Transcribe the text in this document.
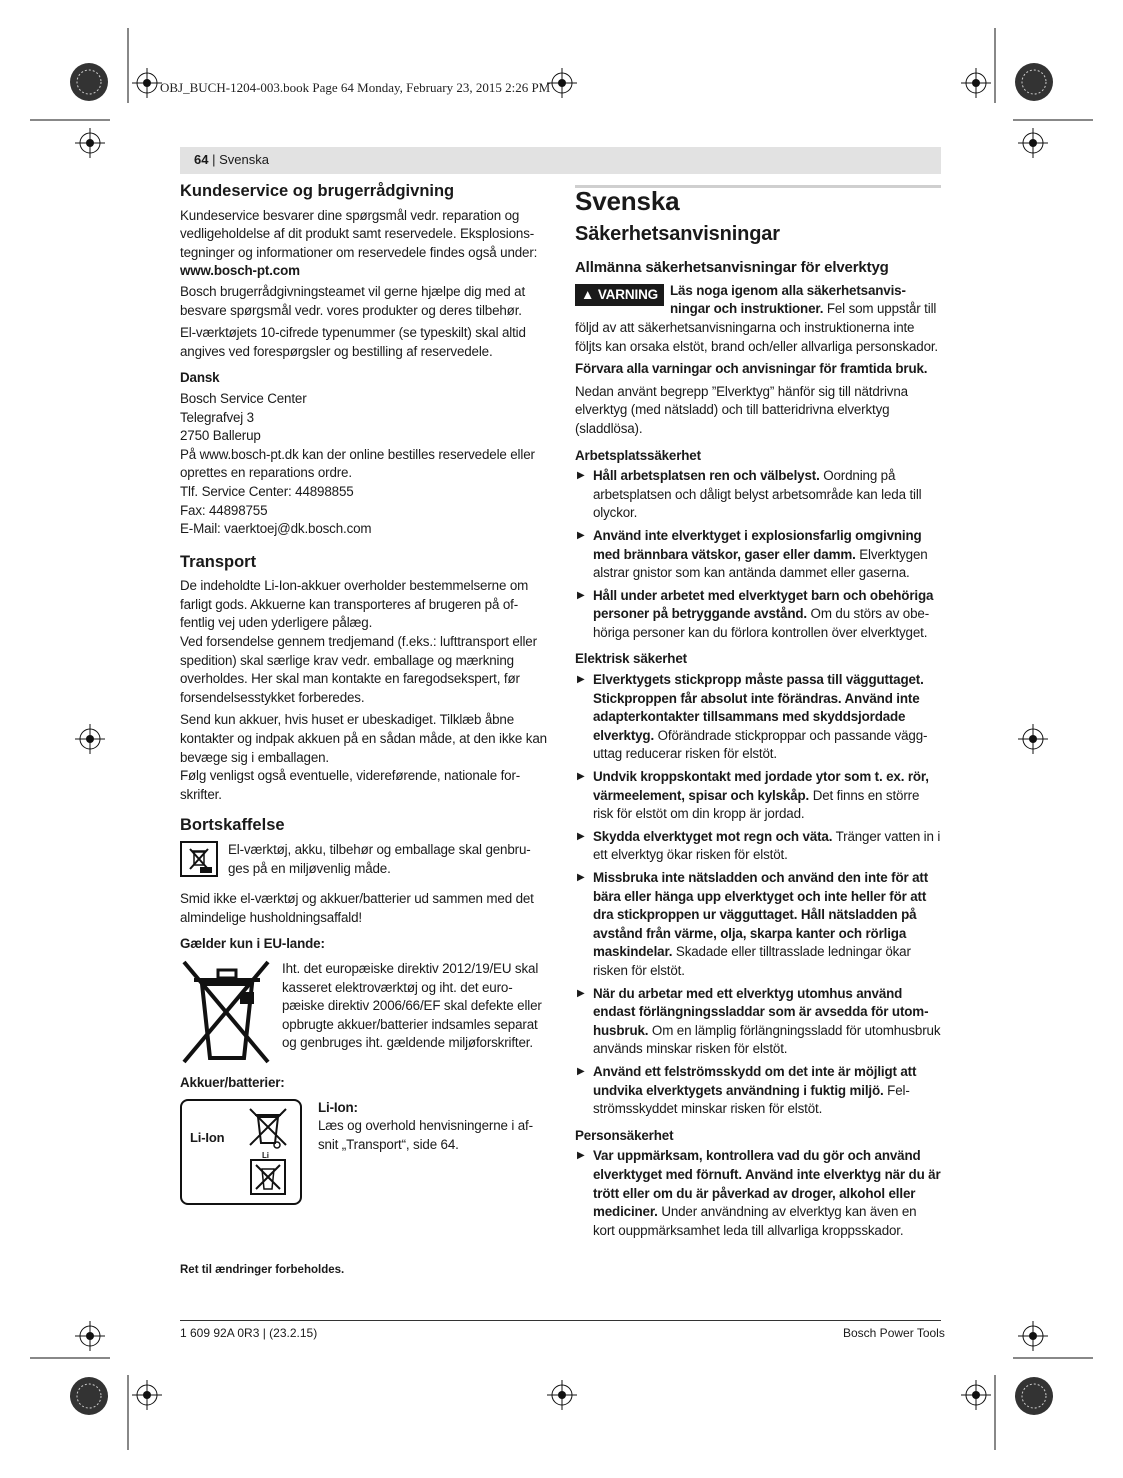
OBJ_BUCH-1204-003.book Page 64 Monday, February 23, 2015 2:26 PM
64 | Svenska
Kundeservice og brugerrådgivning

Kundeservice besvarer dine spørgsmål vedr. reparation og vedligeholdelse af dit produkt samt reservedele. Eksplosionstegninger og informationer om reservedele findes også under:

www.bosch-pt.com

Bosch brugerrådgivningsteamet vil gerne hjælpe dig med at besvare spørgsmål vedr. vores produkter og deres tilbehør.

El-værktøjets 10-cifrede typenummer (se typeskilt) skal altid angives ved forespørgsler og bestilling af reservedele.

Dansk

Bosch Service Center
Telegrafvej 3
2750 Ballerup
På www.bosch-pt.dk kan der online bestilles reservedele eller oprettes en reparations ordre.
Tlf. Service Center: 44898855
Fax: 44898755
E-Mail: vaerktoej@dk.bosch.com
Transport

De indeholdte Li-Ion-akkuer overholder bestemmelserne om farligt gods. Akkuerne kan transporteres af brugeren på offentlig vej uden yderligere pålæg.

Ved forsendelse gennem tredjemand (f.eks.: lufttransport eller spedition) skal særlige krav vedr. emballage og mærkning overholdes. Her skal man kontakte en faregodsekspert, før forsendelsesstykket forberedes.

Send kun akkuer, hvis huset er ubeskadiget. Tilklæb åbne kontakter og indpak akkuen på en sådan måde, at den ikke kan bevæge sig i emballagen.

Følg venligst også eventuelle, videreførende, nationale forskrifter.

Bortskaffelse

El-værktøj, akku, tilbehør og emballage skal genbruges på en miljøvenlig måde.

Smid ikke el-værktøj og akkuer/batterier ud sammen med det almindelige husholdningsaffald!

Gælder kun i EU-lande:

Iht. det europæiske direktiv 2012/19/EU skal kasseret elektroværktøj og iht. det europæiske direktiv 2006/66/EF skal defekte eller opbrugte akkuer/batterier indsamles separat og genbruges iht. gældende miljøforskrifter.

Akkuer/batterier:

Li-Ion
Li

Li-Ion:

Læs og overhold henvisningerne i afsnit „Transport“, side 64.

Ret til ændringer forbeholdes.
Svenska
Säkerhetsanvisningar
Allmänna säkerhetsanvisningar för elverktyg

▲ VARNING Läs noga igenom alla säkerhetsanvisningar och instruktioner. Fel som uppstår till följd av att säkerhetsanvisningarna och instruktionerna inte följts kan orsaka elstöt, brand och/eller allvarliga personskador.

Förvara alla varningar och anvisningar för framtida bruk.

Nedan använt begrepp ”Elverktyg” hänför sig till nätdrivna elverktyg (med nätsladd) och till batteridrivna elverktyg (sladdlösa).

Arbetsplatssäkerhet

▶ Håll arbetsplatsen ren och välbelyst. Oordning på arbetsplatsen och dåligt belyst arbetsområde kan leda till olyckor.

▶ Använd inte elverktyget i explosionsfarlig omgivning med brännbara vätskor, gaser eller damm. Elverktygen alstrar gnistor som kan antända dammet eller gaserna.

▶ Håll under arbetet med elverktyget barn och obehöriga personer på betryggande avstånd. Om du störs av obehöriga personer kan du förlora kontrollen över elverktyget.

Elektrisk säkerhet

▶ Elverktygets stickpropp måste passa till vägguttaget. Stickproppen får absolut inte förändras. Använd inte adapterkontakter tillsammans med skyddsjordade elverktyg. Oförändrade stickproppar och passande vägguttag reducerar risken för elstöt.

▶ Undvik kroppskontakt med jordade ytor som t. ex. rör, värmeelement, spisar och kylskåp. Det finns en större risk för elstöt om din kropp är jordad.

▶ Skydda elverktyget mot regn och väta. Tränger vatten in i ett elverktyg ökar risken för elstöt.

▶ Missbruka inte nätsladden och använd den inte för att bära eller hänga upp elverktyget och inte heller för att dra stickproppen ur vägguttaget. Håll nätsladden på avstånd från värme, olja, skarpa kanter och rörliga maskindelar. Skadade eller tilltrasslade ledningar ökar risken för elstöt.

▶ När du arbetar med ett elverktyg utomhus använd endast förlängningssladdar som är avsedda för utomhusbruk. Om en lämplig förlängningssladd för utomhusbruk används minskar risken för elstöt.

▶ Använd ett felströmsskydd om det inte är möjligt att undvika elverktygets användning i fuktig miljö. Felströmsskyddet minskar risken för elstöt.

Personsäkerhet

▶ Var uppmärksam, kontrollera vad du gör och använd elverktyget med förnuft. Använd inte elverktyg när du är trött eller om du är påverkad av droger, alkohol eller mediciner. Under användning av elverktyg kan även en kort ouppmärksamhet leda till allvarliga kroppsskador.

1 609 92A 0R3 | (23.2.15)	Bosch Power Tools
